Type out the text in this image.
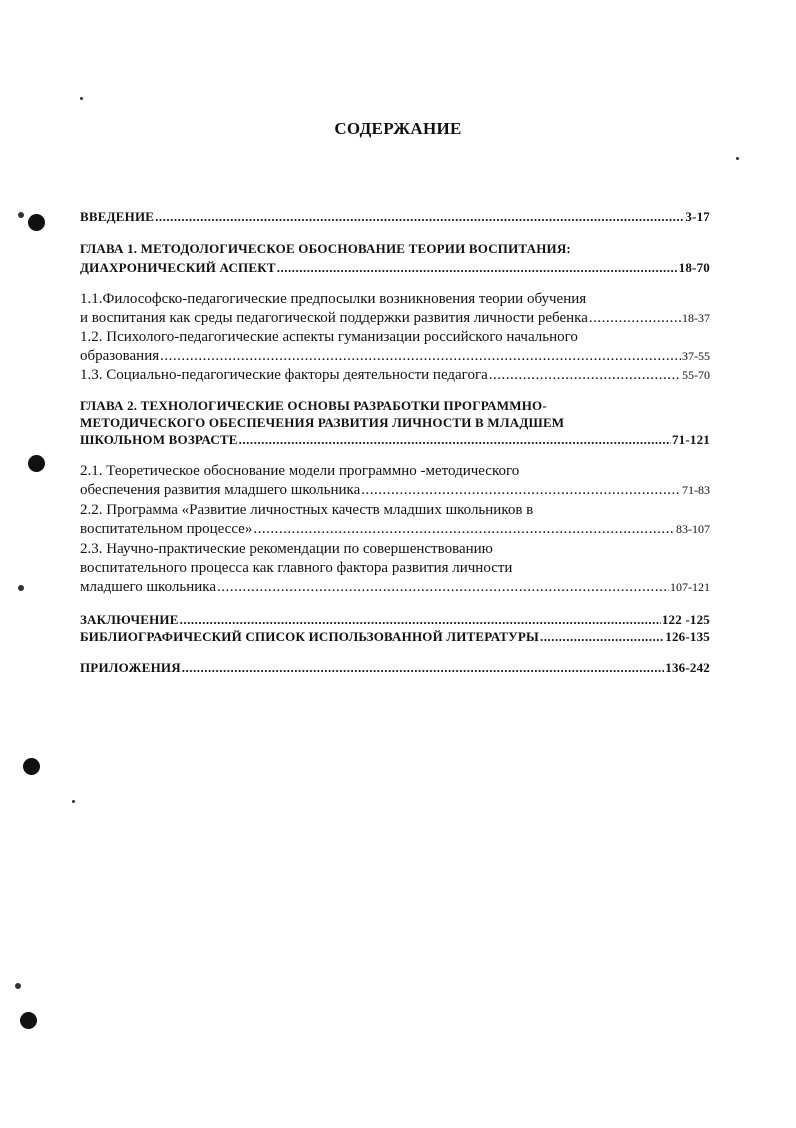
СОДЕРЖАНИЕ
ВВЕДЕНИЕ .....	3-17
ГЛАВА 1. МЕТОДОЛОГИЧЕСКОЕ ОБОСНОВАНИЕ ТЕОРИИ ВОСПИТАНИЯ:
ДИАХРОНИЧЕСКИЙ АСПЕКТ .....	18-70
1.1.Философско-педагогические предпосылки возникновения теории обучения
и воспитания как среды педагогической поддержки развития личности ребенка .....	18-37
1.2. Психолого-педагогические аспекты гуманизации российского начального
образования .....	37-55
1.3. Социально-педагогические факторы деятельности педагога .....	55-70
ГЛАВА 2. ТЕХНОЛОГИЧЕСКИЕ ОСНОВЫ РАЗРАБОТКИ ПРОГРАММНО-
МЕТОДИЧЕСКОГО ОБЕСПЕЧЕНИЯ РАЗВИТИЯ ЛИЧНОСТИ В МЛАДШЕМ
ШКОЛЬНОМ ВОЗРАСТЕ .....	71-121
2.1. Теоретическое обоснование модели программно -методического
обеспечения развития младшего школьника .....	71-83
2.2. Программа «Развитие личностных качеств младших школьников в
воспитательном процессе» .....	83-107
2.3. Научно-практические рекомендации по совершенствованию
воспитательного процесса как главного фактора развития личности
младшего школьника .....	107-121
ЗАКЛЮЧЕНИЕ .....	122 -125
БИБЛИОГРАФИЧЕСКИЙ СПИСОК ИСПОЛЬЗОВАННОЙ ЛИТЕРАТУРЫ .....	126-135
ПРИЛОЖЕНИЯ .....	136-242
